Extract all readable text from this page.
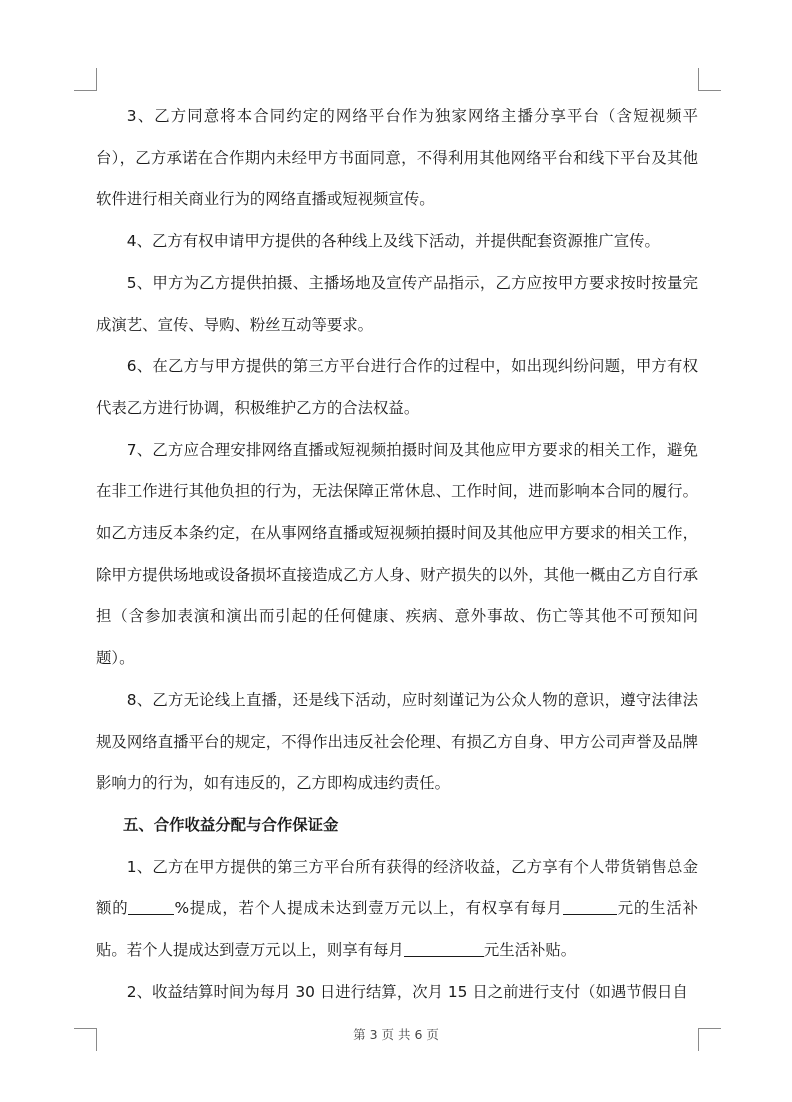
3、乙方同意将本合同约定的网络平台作为独家网络主播分享平台（含短视频平台），乙方承诺在合作期内未经甲方书面同意，不得利用其他网络平台和线下平台及其他软件进行相关商业行为的网络直播或短视频宣传。

4、乙方有权申请甲方提供的各种线上及线下活动，并提供配套资源推广宣传。

5、甲方为乙方提供拍摄、主播场地及宣传产品指示，乙方应按甲方要求按时按量完成演艺、宣传、导购、粉丝互动等要求。

6、在乙方与甲方提供的第三方平台进行合作的过程中，如出现纠纷问题，甲方有权代表乙方进行协调，积极维护乙方的合法权益。

7、乙方应合理安排网络直播或短视频拍摄时间及其他应甲方要求的相关工作，避免在非工作进行其他负担的行为，无法保障正常休息、工作时间，进而影响本合同的履行。如乙方违反本条约定，在从事网络直播或短视频拍摄时间及其他应甲方要求的相关工作，除甲方提供场地或设备损坏直接造成乙方人身、财产损失的以外，其他一概由乙方自行承担（含参加表演和演出而引起的任何健康、疾病、意外事故、伤亡等其他不可预知问题）。

8、乙方无论线上直播，还是线下活动，应时刻谨记为公众人物的意识，遵守法律法规及网络直播平台的规定，不得作出违反社会伦理、有损乙方自身、甲方公司声誉及品牌影响力的行为，如有违反的，乙方即构成违约责任。

五、合作收益分配与合作保证金

1、乙方在甲方提供的第三方平台所有获得的经济收益，乙方享有个人带货销售总金额的	%提成，若个人提成未达到壹万元以上，有权享有每月	元的生活补贴。若个人提成达到壹万元以上，则享有每月	元生活补贴。

2、收益结算时间为每月 30 日进行结算，次月 15 日之前进行支付（如遇节假日自

第 3 页 共 6 页
